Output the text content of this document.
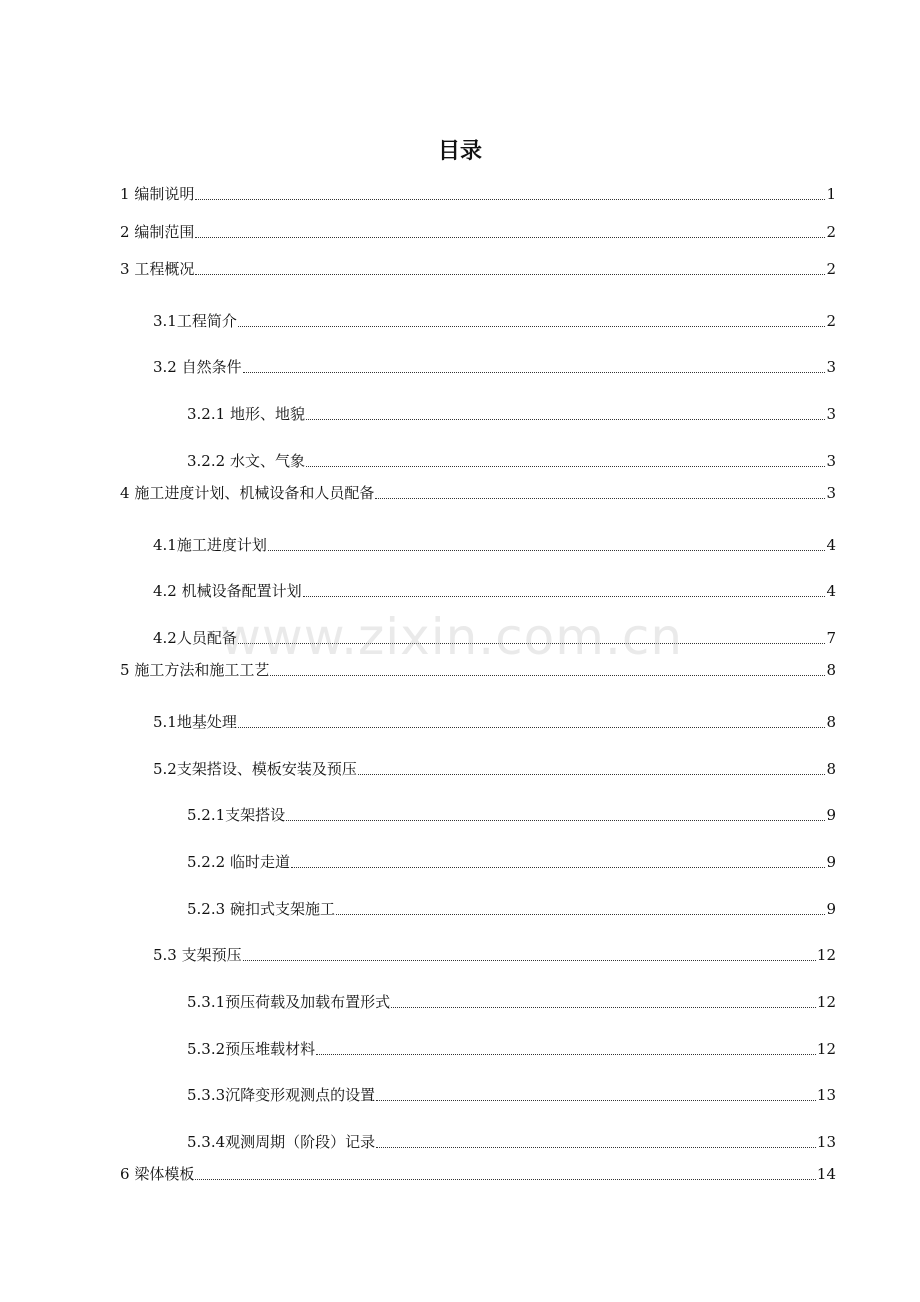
目录
1 编制说明	1
2 编制范围	2
3 工程概况	2
3.1 工程简介	2
3.2 自然条件	3
3.2.1 地形、地貌	3
3.2.2 水文、气象	3
4 施工进度计划、机械设备和人员配备	3
4.1 施工进度计划	4
4.2 机械设备配置计划	4
4.2 人员配备	7
5 施工方法和施工工艺	8
5.1 地基处理	8
5.2 支架搭设、模板安装及预压	8
5.2.1 支架搭设	9
5.2.2 临时走道	9
5.2.3 碗扣式支架施工	9
5.3 支架预压	12
5.3.1 预压荷载及加载布置形式	12
5.3.2 预压堆载材料	12
5.3.3 沉降变形观测点的设置	13
5.3.4 观测周期（阶段）记录	13
6 梁体模板	14
www.zixin.com.cn
